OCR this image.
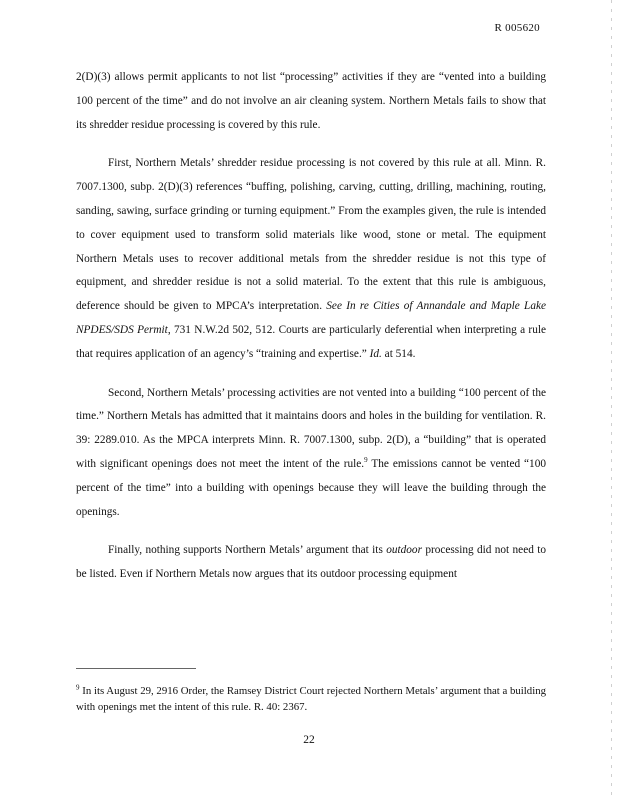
R 005620

2(D)(3) allows permit applicants to not list “processing” activities if they are “vented into a building 100 percent of the time” and do not involve an air cleaning system. Northern Metals fails to show that its shredder residue processing is covered by this rule.

First, Northern Metals’ shredder residue processing is not covered by this rule at all. Minn. R. 7007.1300, subp. 2(D)(3) references “buffing, polishing, carving, cutting, drilling, machining, routing, sanding, sawing, surface grinding or turning equipment.” From the examples given, the rule is intended to cover equipment used to transform solid materials like wood, stone or metal. The equipment Northern Metals uses to recover additional metals from the shredder residue is not this type of equipment, and shredder residue is not a solid material. To the extent that this rule is ambiguous, deference should be given to MPCA’s interpretation. See In re Cities of Annandale and Maple Lake NPDES/SDS Permit, 731 N.W.2d 502, 512. Courts are particularly deferential when interpreting a rule that requires application of an agency’s “training and expertise.” Id. at 514.

Second, Northern Metals’ processing activities are not vented into a building “100 percent of the time.” Northern Metals has admitted that it maintains doors and holes in the building for ventilation. R. 39: 2289.010. As the MPCA interprets Minn. R. 7007.1300, subp. 2(D), a “building” that is operated with significant openings does not meet the intent of the rule.$^9$ The emissions cannot be vented “100 percent of the time” into a building with openings because they will leave the building through the openings.

Finally, nothing supports Northern Metals’ argument that its outdoor processing did not need to be listed. Even if Northern Metals now argues that its outdoor processing equipment

$^9$ In its August 29, 2916 Order, the Ramsey District Court rejected Northern Metals’ argument that a building with openings met the intent of this rule. R. 40: 2367.
22
